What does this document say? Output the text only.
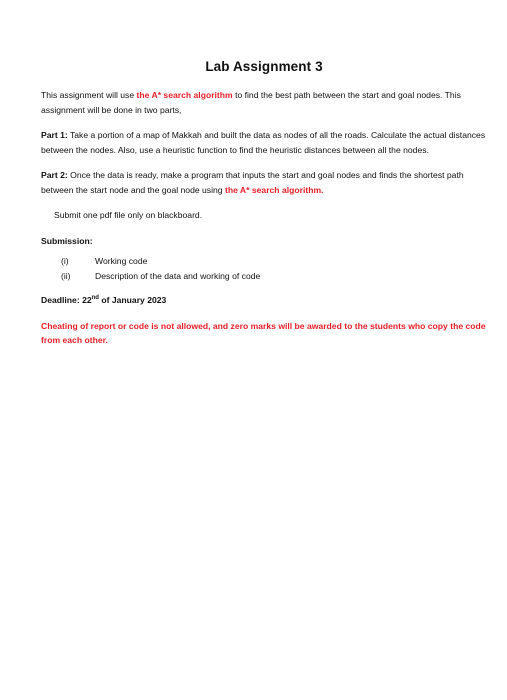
Lab Assignment 3

This assignment will use the A* search algorithm to find the best path between the start and goal nodes. This assignment will be done in two parts,

Part 1: Take a portion of a map of Makkah and built the data as nodes of all the roads. Calculate the actual distances between the nodes. Also, use a heuristic function to find the heuristic distances between all the nodes.

Part 2: Once the data is ready, make a program that inputs the start and goal nodes and finds the shortest path between the start node and the goal node using the A* search algorithm.

Submit one pdf file only on blackboard.

Submission:
(i)	Working code
(ii)	Description of the data and working of code

Deadline: 22nd of January 2023

Cheating of report or code is not allowed, and zero marks will be awarded to the students who copy the code from each other.
